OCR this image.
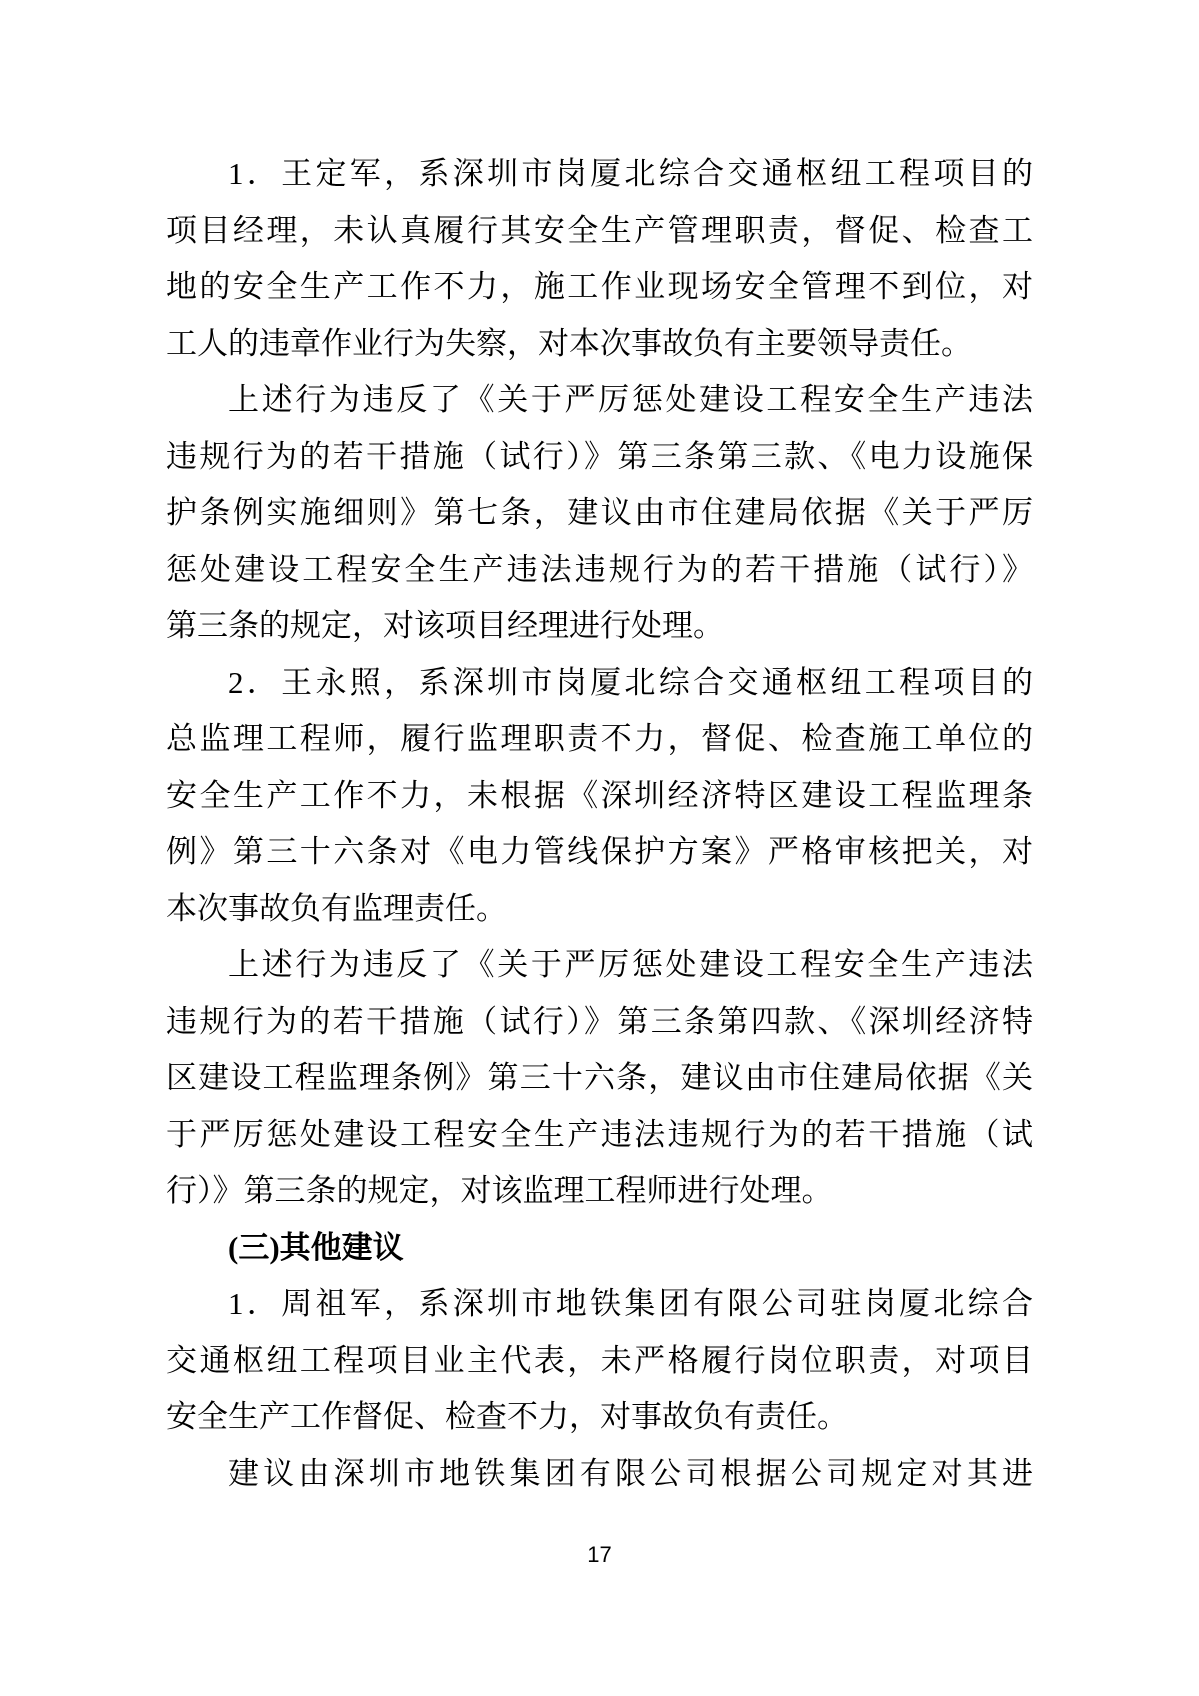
1．王定军，系深圳市岗厦北综合交通枢纽工程项目的
项目经理，未认真履行其安全生产管理职责，督促、检查工
地的安全生产工作不力，施工作业现场安全管理不到位，对
工人的违章作业行为失察，对本次事故负有主要领导责任。
上述行为违反了《关于严厉惩处建设工程安全生产违法
违规行为的若干措施（试行）》第三条第三款、《电力设施保
护条例实施细则》第七条，建议由市住建局依据《关于严厉
惩处建设工程安全生产违法违规行为的若干措施（试行）》
第三条的规定，对该项目经理进行处理。
2．王永照，系深圳市岗厦北综合交通枢纽工程项目的
总监理工程师，履行监理职责不力，督促、检查施工单位的
安全生产工作不力，未根据《深圳经济特区建设工程监理条
例》第三十六条对《电力管线保护方案》严格审核把关，对
本次事故负有监理责任。
上述行为违反了《关于严厉惩处建设工程安全生产违法
违规行为的若干措施（试行）》第三条第四款、《深圳经济特
区建设工程监理条例》第三十六条，建议由市住建局依据《关
于严厉惩处建设工程安全生产违法违规行为的若干措施（试
行）》第三条的规定，对该监理工程师进行处理。
(三)其他建议
1．周祖军，系深圳市地铁集团有限公司驻岗厦北综合
交通枢纽工程项目业主代表，未严格履行岗位职责，对项目
安全生产工作督促、检查不力，对事故负有责任。
建议由深圳市地铁集团有限公司根据公司规定对其进
17
